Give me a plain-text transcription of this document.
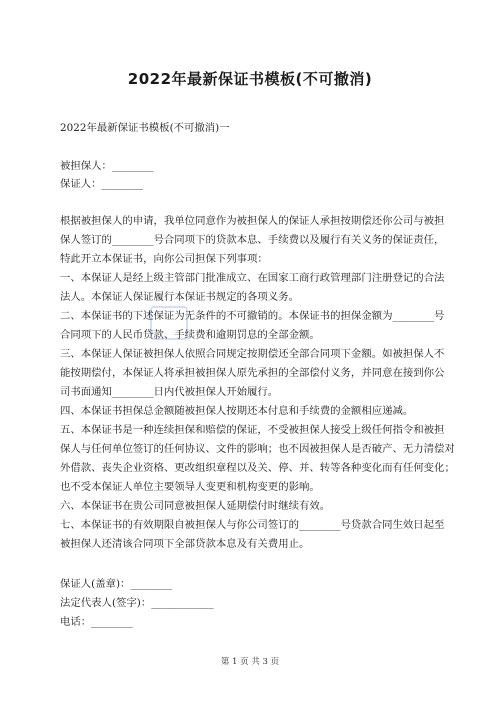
2022年最新保证书模板(不可撤消)
2022年最新保证书模板(不可撤消)一
被担保人：________
保证人：________
根据被担保人的申请，我单位同意作为被担保人的保证人承担按期偿还你公司与被担
保人签订的________号合同项下的贷款本息、手续费以及履行有关义务的保证责任，
特此开立本保证书，向你公司担保下列事项：
一、本保证人是经上级主管部门批准成立、在国家工商行政管理部门注册登记的合法
法人。本保证人保证履行本保证书规定的各项义务。
二、本保证书的下述保证为无条件的不可撤销的。本保证书的担保金额为________号
合同项下的人民币贷款、手续费和逾期罚息的全部金额。
三、本保证人保证被担保人依照合同规定按期偿还全部合同项下金额。如被担保人不
能按期偿付，本保证人将承担被担保人原先承担的全部偿付义务，并同意在接到你公
司书面通知________日内代被担保人开始履行。
四、本保证书担保总金额随被担保人按期还本付息和手续费的金额相应递减。
五、本保证书是一种连续担保和赔偿的保证，不受被担保人接受上级任何指令和被担
保人与任何单位签订的任何协议、文件的影响；也不因被担保人是否破产、无力清偿对
外借款、丧失企业资格、更改组织章程以及关、停、并、转等各种变化而有任何变化；
也不受本保证人单位主要领导人变更和机构变更的影响。
六、本保证书在贵公司同意被担保人延期偿付时继续有效。
七、本保证书的有效期限自被担保人与你公司签订的________号贷款合同生效日起至
被担保人还清该合同项下全部贷款本息及有关费用止。
保证人(盖章)：________
法定代表人(签字)：____________
电话：________
第 1 页 共 3 页
